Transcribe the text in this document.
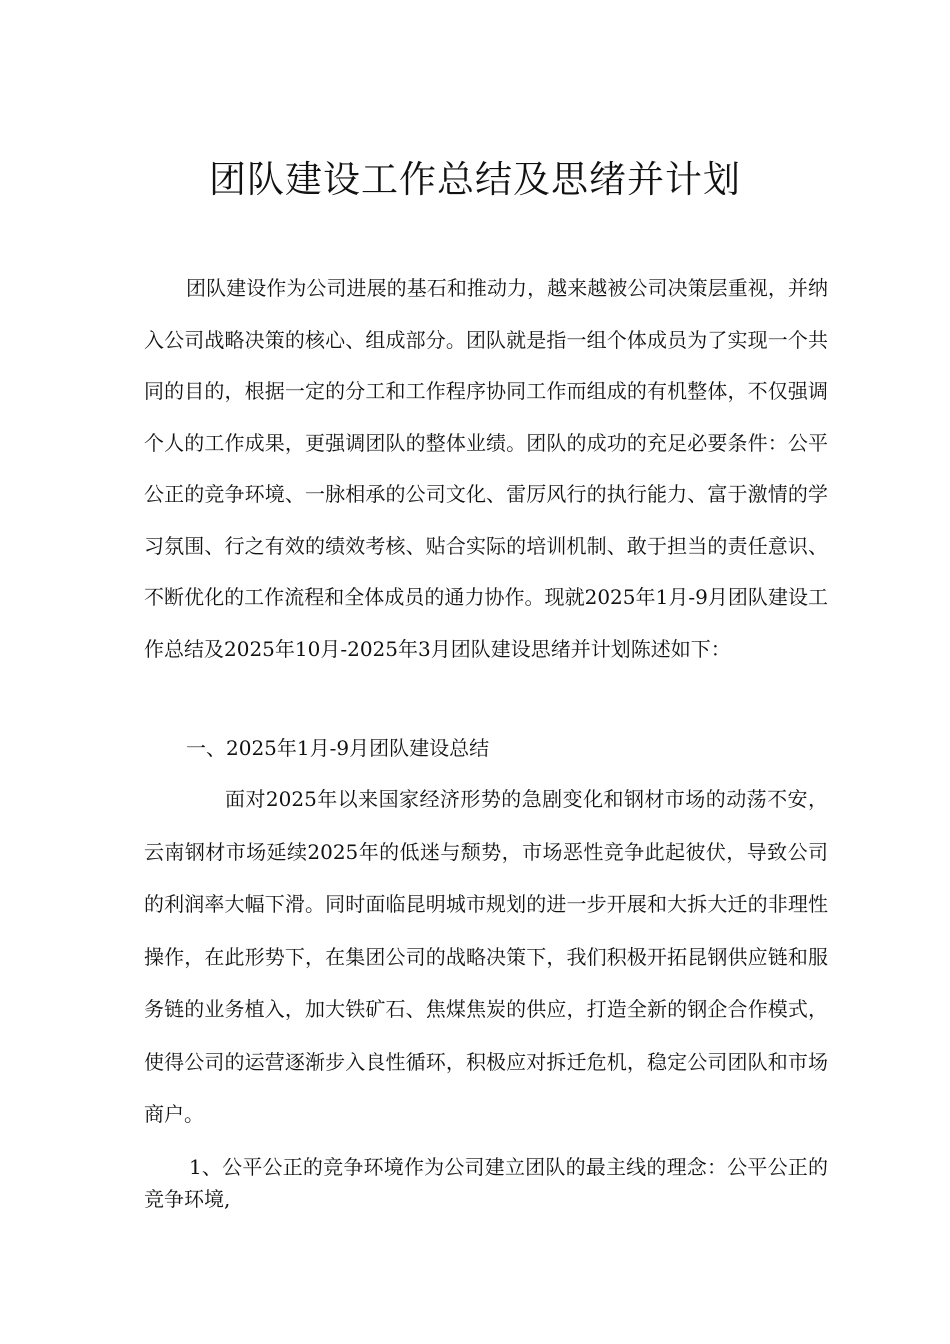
团队建设工作总结及思绪并计划

团队建设作为公司进展的基石和推动力，越来越被公司决策层重视，并纳入公司战略决策的核心、组成部分。团队就是指一组个体成员为了实现一个共同的目的，根据一定的分工和工作程序协同工作而组成的有机整体，不仅强调个人的工作成果，更强调团队的整体业绩。团队的成功的充足必要条件：公平公正的竞争环境、一脉相承的公司文化、雷厉风行的执行能力、富于激情的学习氛围、行之有效的绩效考核、贴合实际的培训机制、敢于担当的责任意识、不断优化的工作流程和全体成员的通力协作。现就2025年1月-9月团队建设工作总结及2025年10月-2025年3月团队建设思绪并计划陈述如下：

一、2025年1月-9月团队建设总结

面对2025年以来国家经济形势的急剧变化和钢材市场的动荡不安，云南钢材市场延续2025年的低迷与颓势，市场恶性竞争此起彼伏，导致公司的利润率大幅下滑。同时面临昆明城市规划的进一步开展和大拆大迁的非理性操作，在此形势下，在集团公司的战略决策下，我们积极开拓昆钢供应链和服务链的业务植入，加大铁矿石、焦煤焦炭的供应，打造全新的钢企合作模式，使得公司的运营逐渐步入良性循环，积极应对拆迁危机，稳定公司团队和市场商户。

1、公平公正的竞争环境作为公司建立团队的最主线的理念：公平公正的竞争环境,
